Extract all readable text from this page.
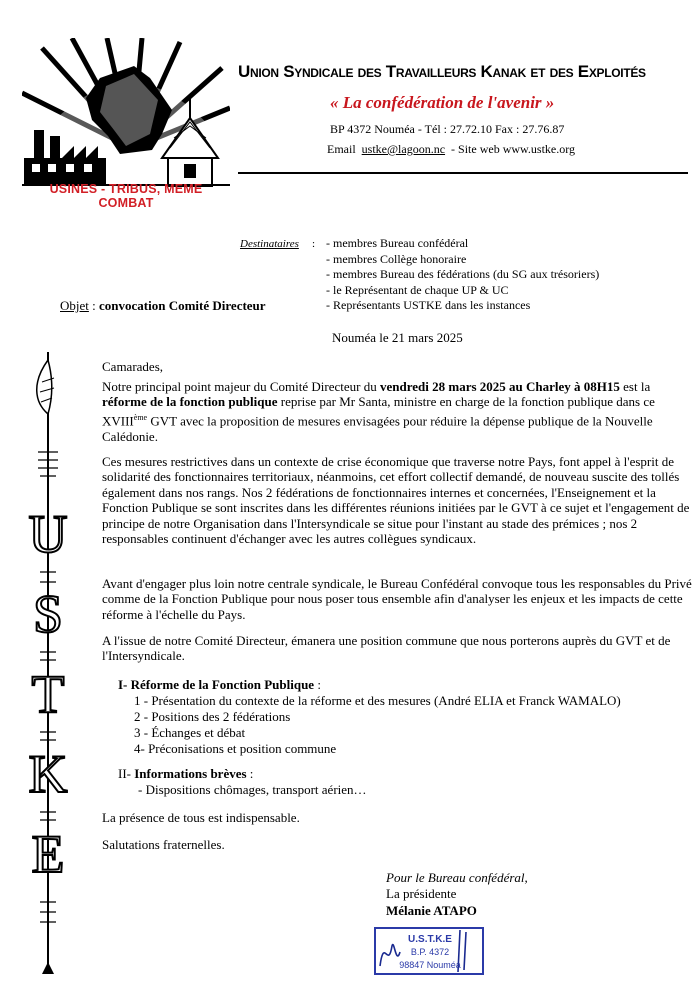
USINES - TRIBUS, MEME COMBAT
Union Syndicale des Travailleurs Kanak et des Exploités
« La confédération de l'avenir »
BP 4372 Nouméa - Tél : 27.72.10 Fax : 27.76.87
Email ustke@lagoon.nc - Site web www.ustke.org
Destinataires : - membres Bureau confédéral
- membres Collège honoraire
- membres Bureau des fédérations (du SG aux trésoriers)
- le Représentant de chaque UP & UC
- Représentants USTKE dans les instances
Objet : convocation Comité Directeur
Nouméa le 21 mars 2025
U
S
T
K
E
Camarades,

Notre principal point majeur du Comité Directeur du vendredi 28 mars 2025 au Charley à 08H15 est la réforme de la fonction publique reprise par Mr Santa, ministre en charge de la fonction publique dans ce XVIIIème GVT avec la proposition de mesures envisagées pour réduire la dépense publique de la Nouvelle Calédonie.

Ces mesures restrictives dans un contexte de crise économique que traverse notre Pays, font appel à l'esprit de solidarité des fonctionnaires territoriaux, néanmoins, cet effort collectif demandé, de nouveau suscite des tollés également dans nos rangs. Nos 2 fédérations de fonctionnaires internes et concernées, l'Enseignement et la Fonction Publique se sont inscrites dans les différentes réunions initiées par le GVT à ce sujet et l'engagement de principe de notre Organisation dans l'Intersyndicale se situe pour l'instant au stade des prémices ; nos 2 responsables continuent d'échanger avec les autres collègues syndicaux.
Avant d'engager plus loin notre centrale syndicale, le Bureau Confédéral convoque tous les responsables du Privé comme de la Fonction Publique pour nous poser tous ensemble afin d'analyser les enjeux et les impacts de cette réforme à l'échelle du Pays.
A l'issue de notre Comité Directeur, émanera une position commune que nous porterons auprès du GVT et de l'Intersyndicale.
I- Réforme de la Fonction Publique :
1 - Présentation du contexte de la réforme et des mesures (André ELIA et Franck WAMALO)
2 - Positions des 2 fédérations
3 - Échanges et débat
4- Préconisations et position commune
II- Informations brèves :
- Dispositions chômages, transport aérien…
La présence de tous est indispensable.
Salutations fraternelles.
Pour le Bureau confédéral,
La présidente
Mélanie ATAPO
U.S.T.K.E
B.P. 4372
98847 Nouméa
